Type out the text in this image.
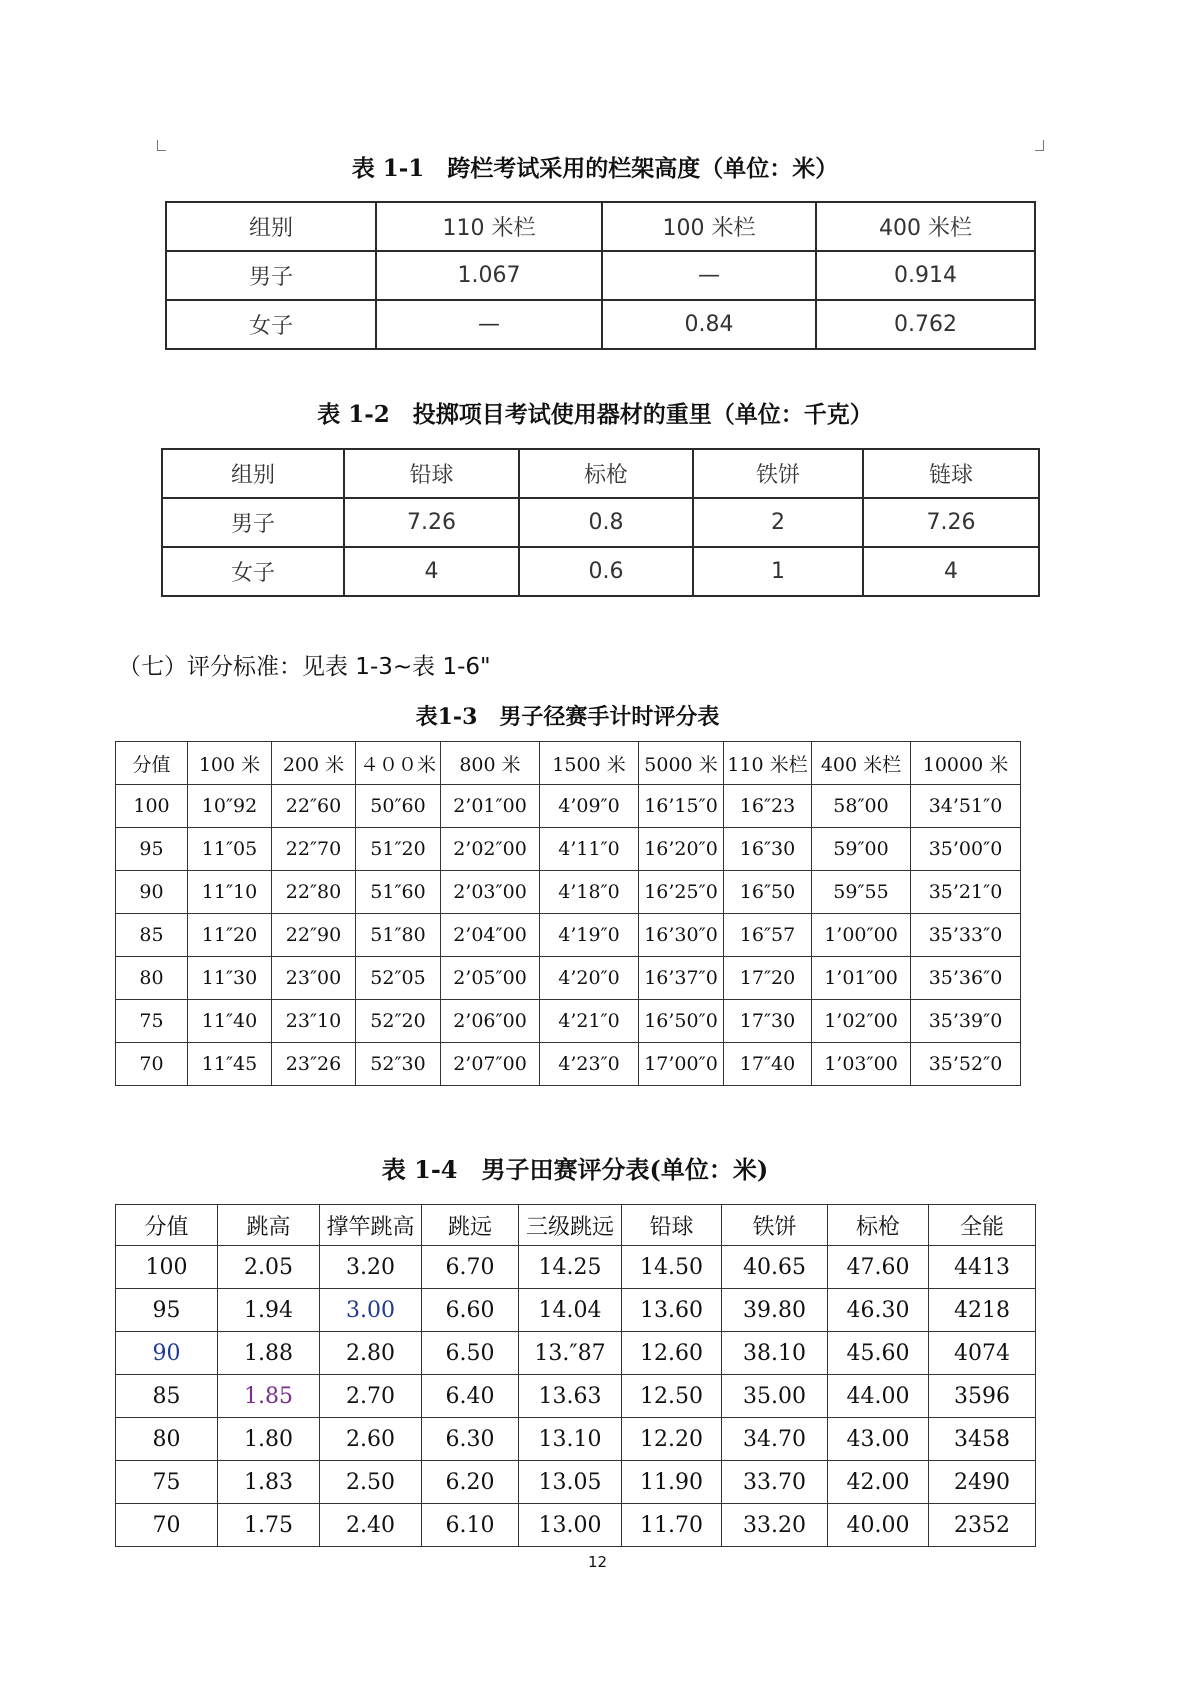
表 1-1　跨栏考试采用的栏架高度（单位：米）
组别	110 米栏	100 米栏	400 米栏
男子	1.067	—	0.914
女子	—	0.84	0.762
表 1-2　投掷项目考试使用器材的重里（单位：千克）
组别	铅球	标枪	铁饼	链球
男子	7.26	0.8	2	7.26
女子	4	0.6	1	4
（七）评分标准：见表 1-3~表 1-6"
表1-3　男子径赛手计时评分表
分值	100 米	200 米	４００米	800 米	1500 米	5000 米	110 米栏	400 米栏	10000 米
100	10″92	22″60	50″60	2’01″00	4’09″0	16’15″0	16″23	58″00	34’51″0
95	11″05	22″70	51″20	2’02″00	4’11″0	16’20″0	16″30	59″00	35’00″0
90	11″10	22″80	51″60	2’03″00	4’18″0	16’25″0	16″50	59″55	35’21″0
85	11″20	22″90	51″80	2’04″00	4’19″0	16’30″0	16″57	1’00″00	35’33″0
80	11″30	23″00	52″05	2’05″00	4’20″0	16’37″0	17″20	1’01″00	35’36″0
75	11″40	23″10	52″20	2’06″00	4’21″0	16’50″0	17″30	1’02″00	35’39″0
70	11″45	23″26	52″30	2’07″00	4’23″0	17’00″0	17″40	1’03″00	35’52″0
表 1-4　男子田赛评分表(单位：米)
分值	跳高	撑竿跳高	跳远	三级跳远	铅球	铁饼	标枪	全能
100	2.05	3.20	6.70	14.25	14.50	40.65	47.60	4413
95	1.94	3.00	6.60	14.04	13.60	39.80	46.30	4218
90	1.88	2.80	6.50	13.″87	12.60	38.10	45.60	4074
85	1.85	2.70	6.40	13.63	12.50	35.00	44.00	3596
80	1.80	2.60	6.30	13.10	12.20	34.70	43.00	3458
75	1.83	2.50	6.20	13.05	11.90	33.70	42.00	2490
70	1.75	2.40	6.10	13.00	11.70	33.20	40.00	2352
12
